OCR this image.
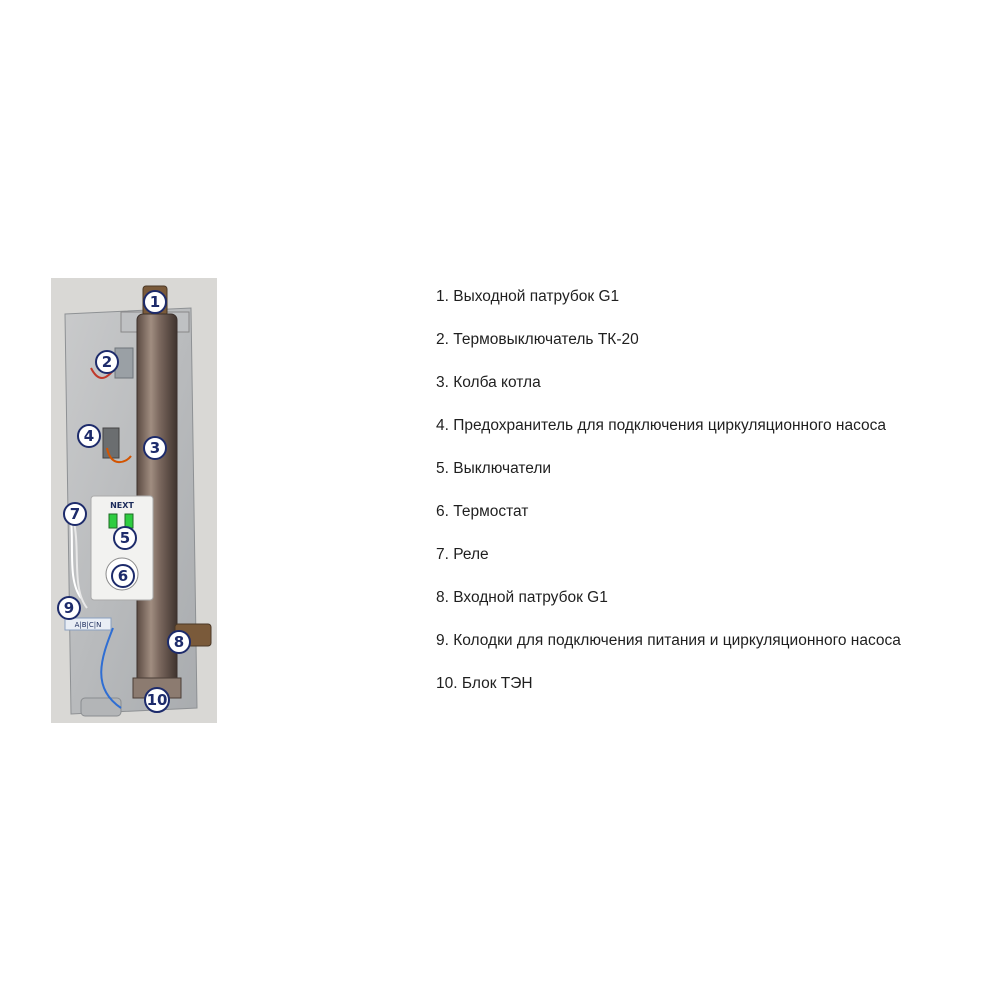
NEXT
A|B|C|N
1
2
3
4
5
6
7
8
9
10
1. Выходной патрубок G1
2. Термовыключатель ТК-20
3. Колба котла
4. Предохранитель для подключения циркуляционного насоса
5. Выключатели
6. Термостат
7. Реле
8. Входной патрубок G1
9. Колодки для подключения питания и циркуляционного насоса
10. Блок ТЭН
